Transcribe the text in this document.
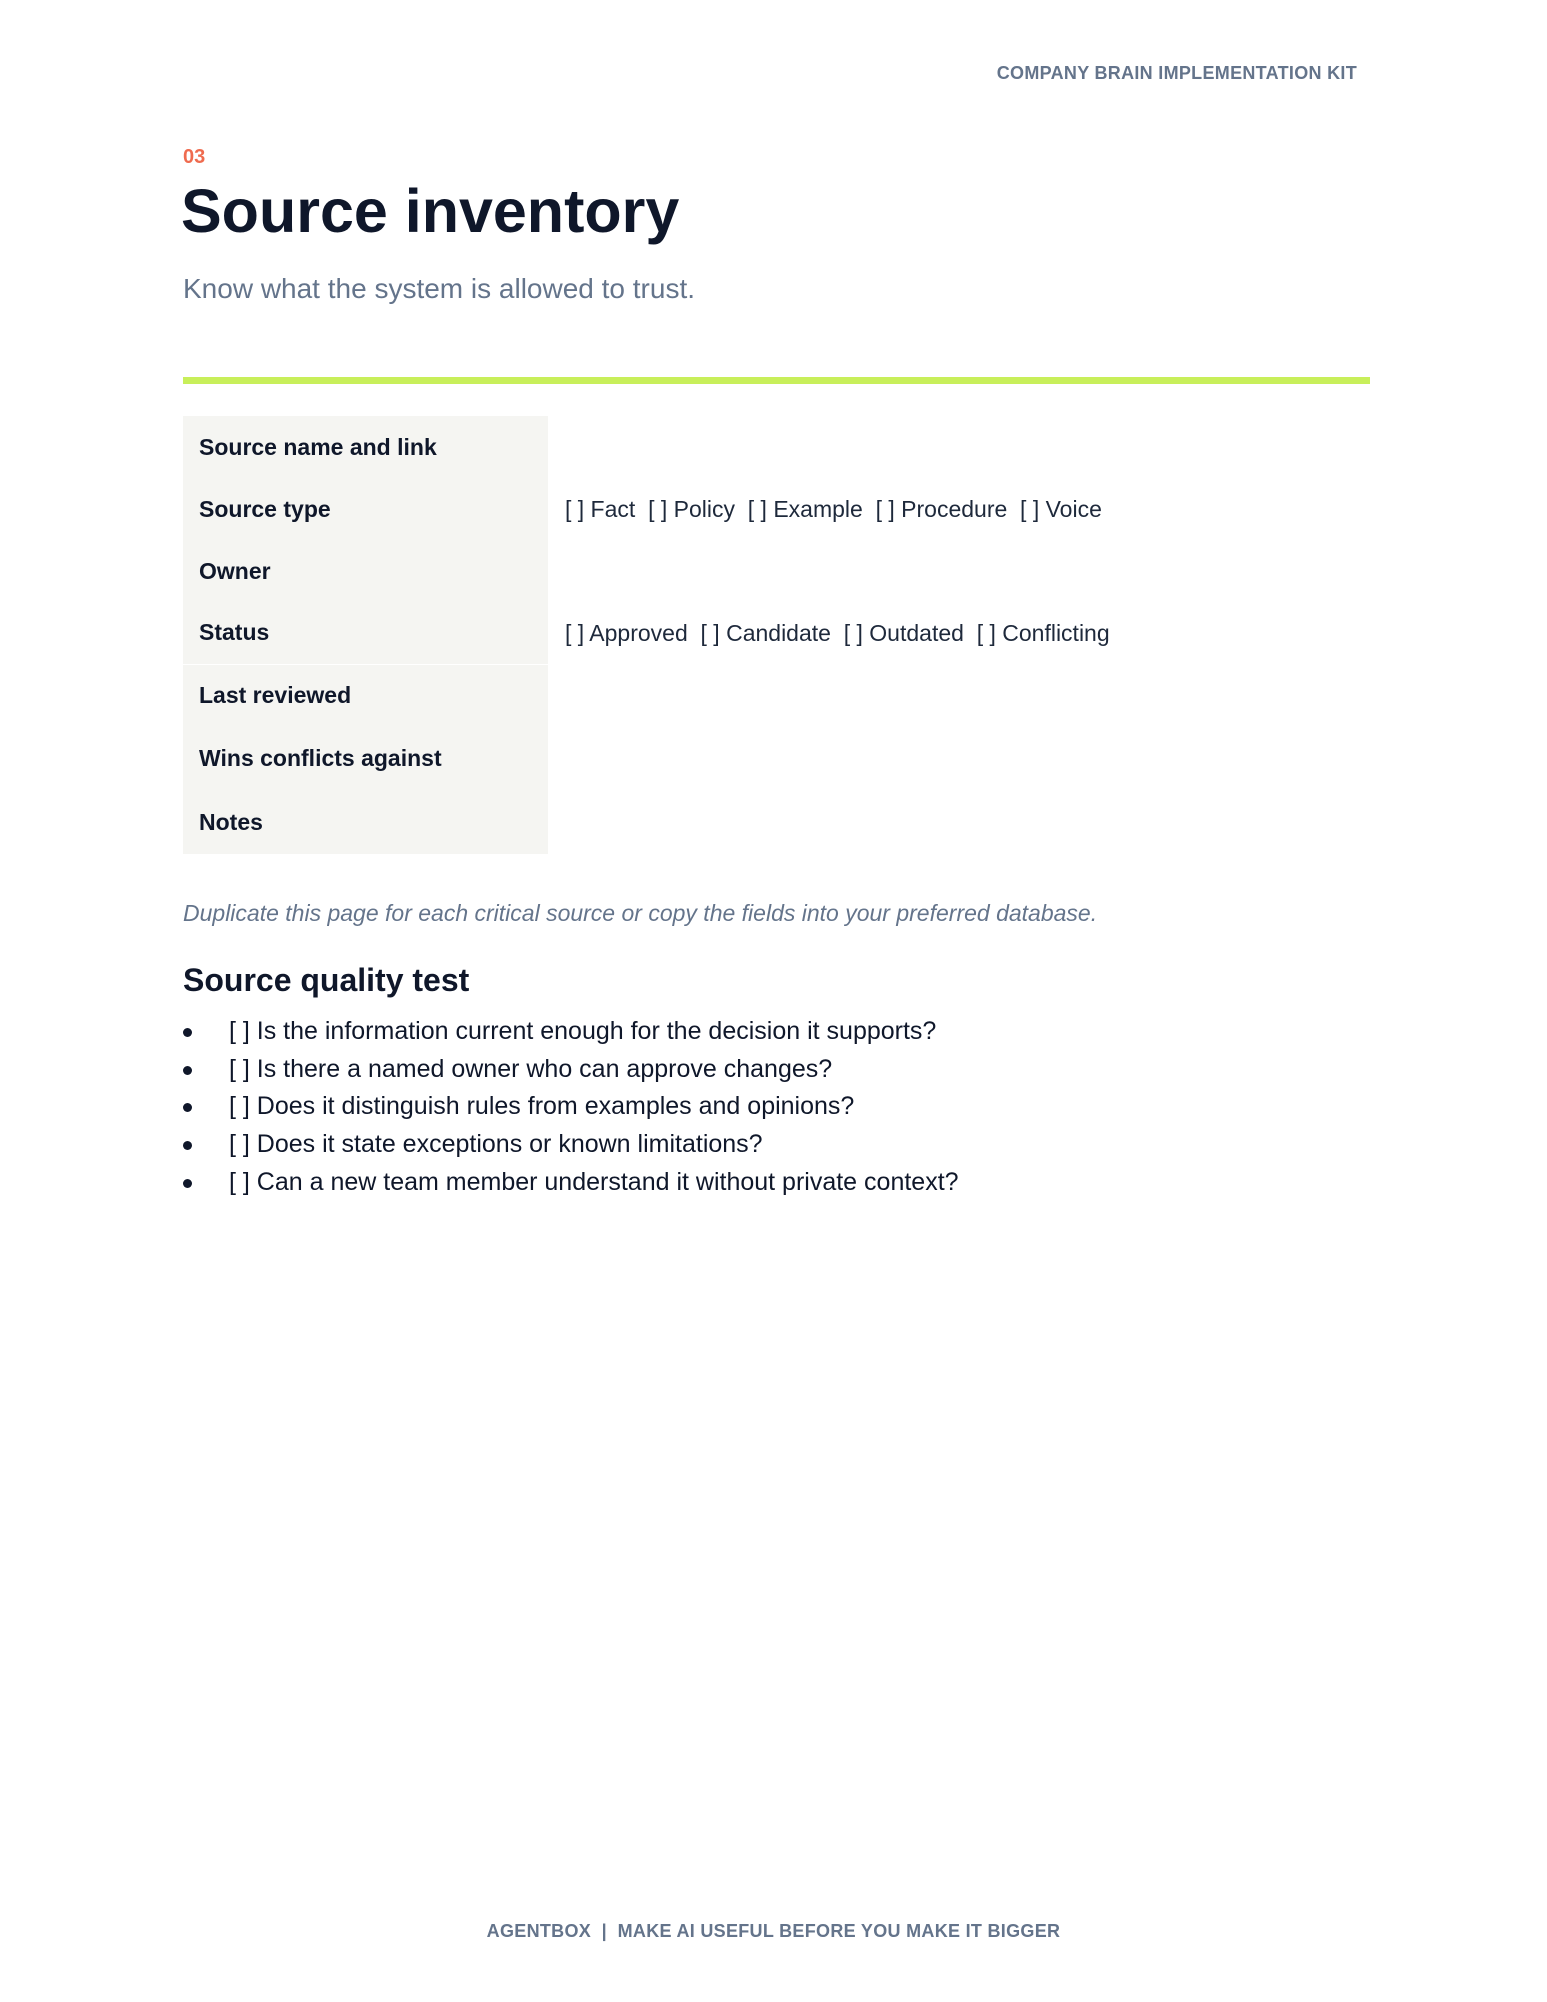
COMPANY BRAIN IMPLEMENTATION KIT
03
Source inventory
Know what the system is allowed to trust.
Source name and link	
Source type	[ ] Fact  [ ] Policy  [ ] Example  [ ] Procedure  [ ] Voice
Owner	
Status	[ ] Approved  [ ] Candidate  [ ] Outdated  [ ] Conflicting
Last reviewed	
Wins conflicts against	
Notes	
Duplicate this page for each critical source or copy the fields into your preferred database.
Source quality test
[ ] Is the information current enough for the decision it supports?
[ ] Is there a named owner who can approve changes?
[ ] Does it distinguish rules from examples and opinions?
[ ] Does it state exceptions or known limitations?
[ ] Can a new team member understand it without private context?
AGENTBOX  |  MAKE AI USEFUL BEFORE YOU MAKE IT BIGGER
